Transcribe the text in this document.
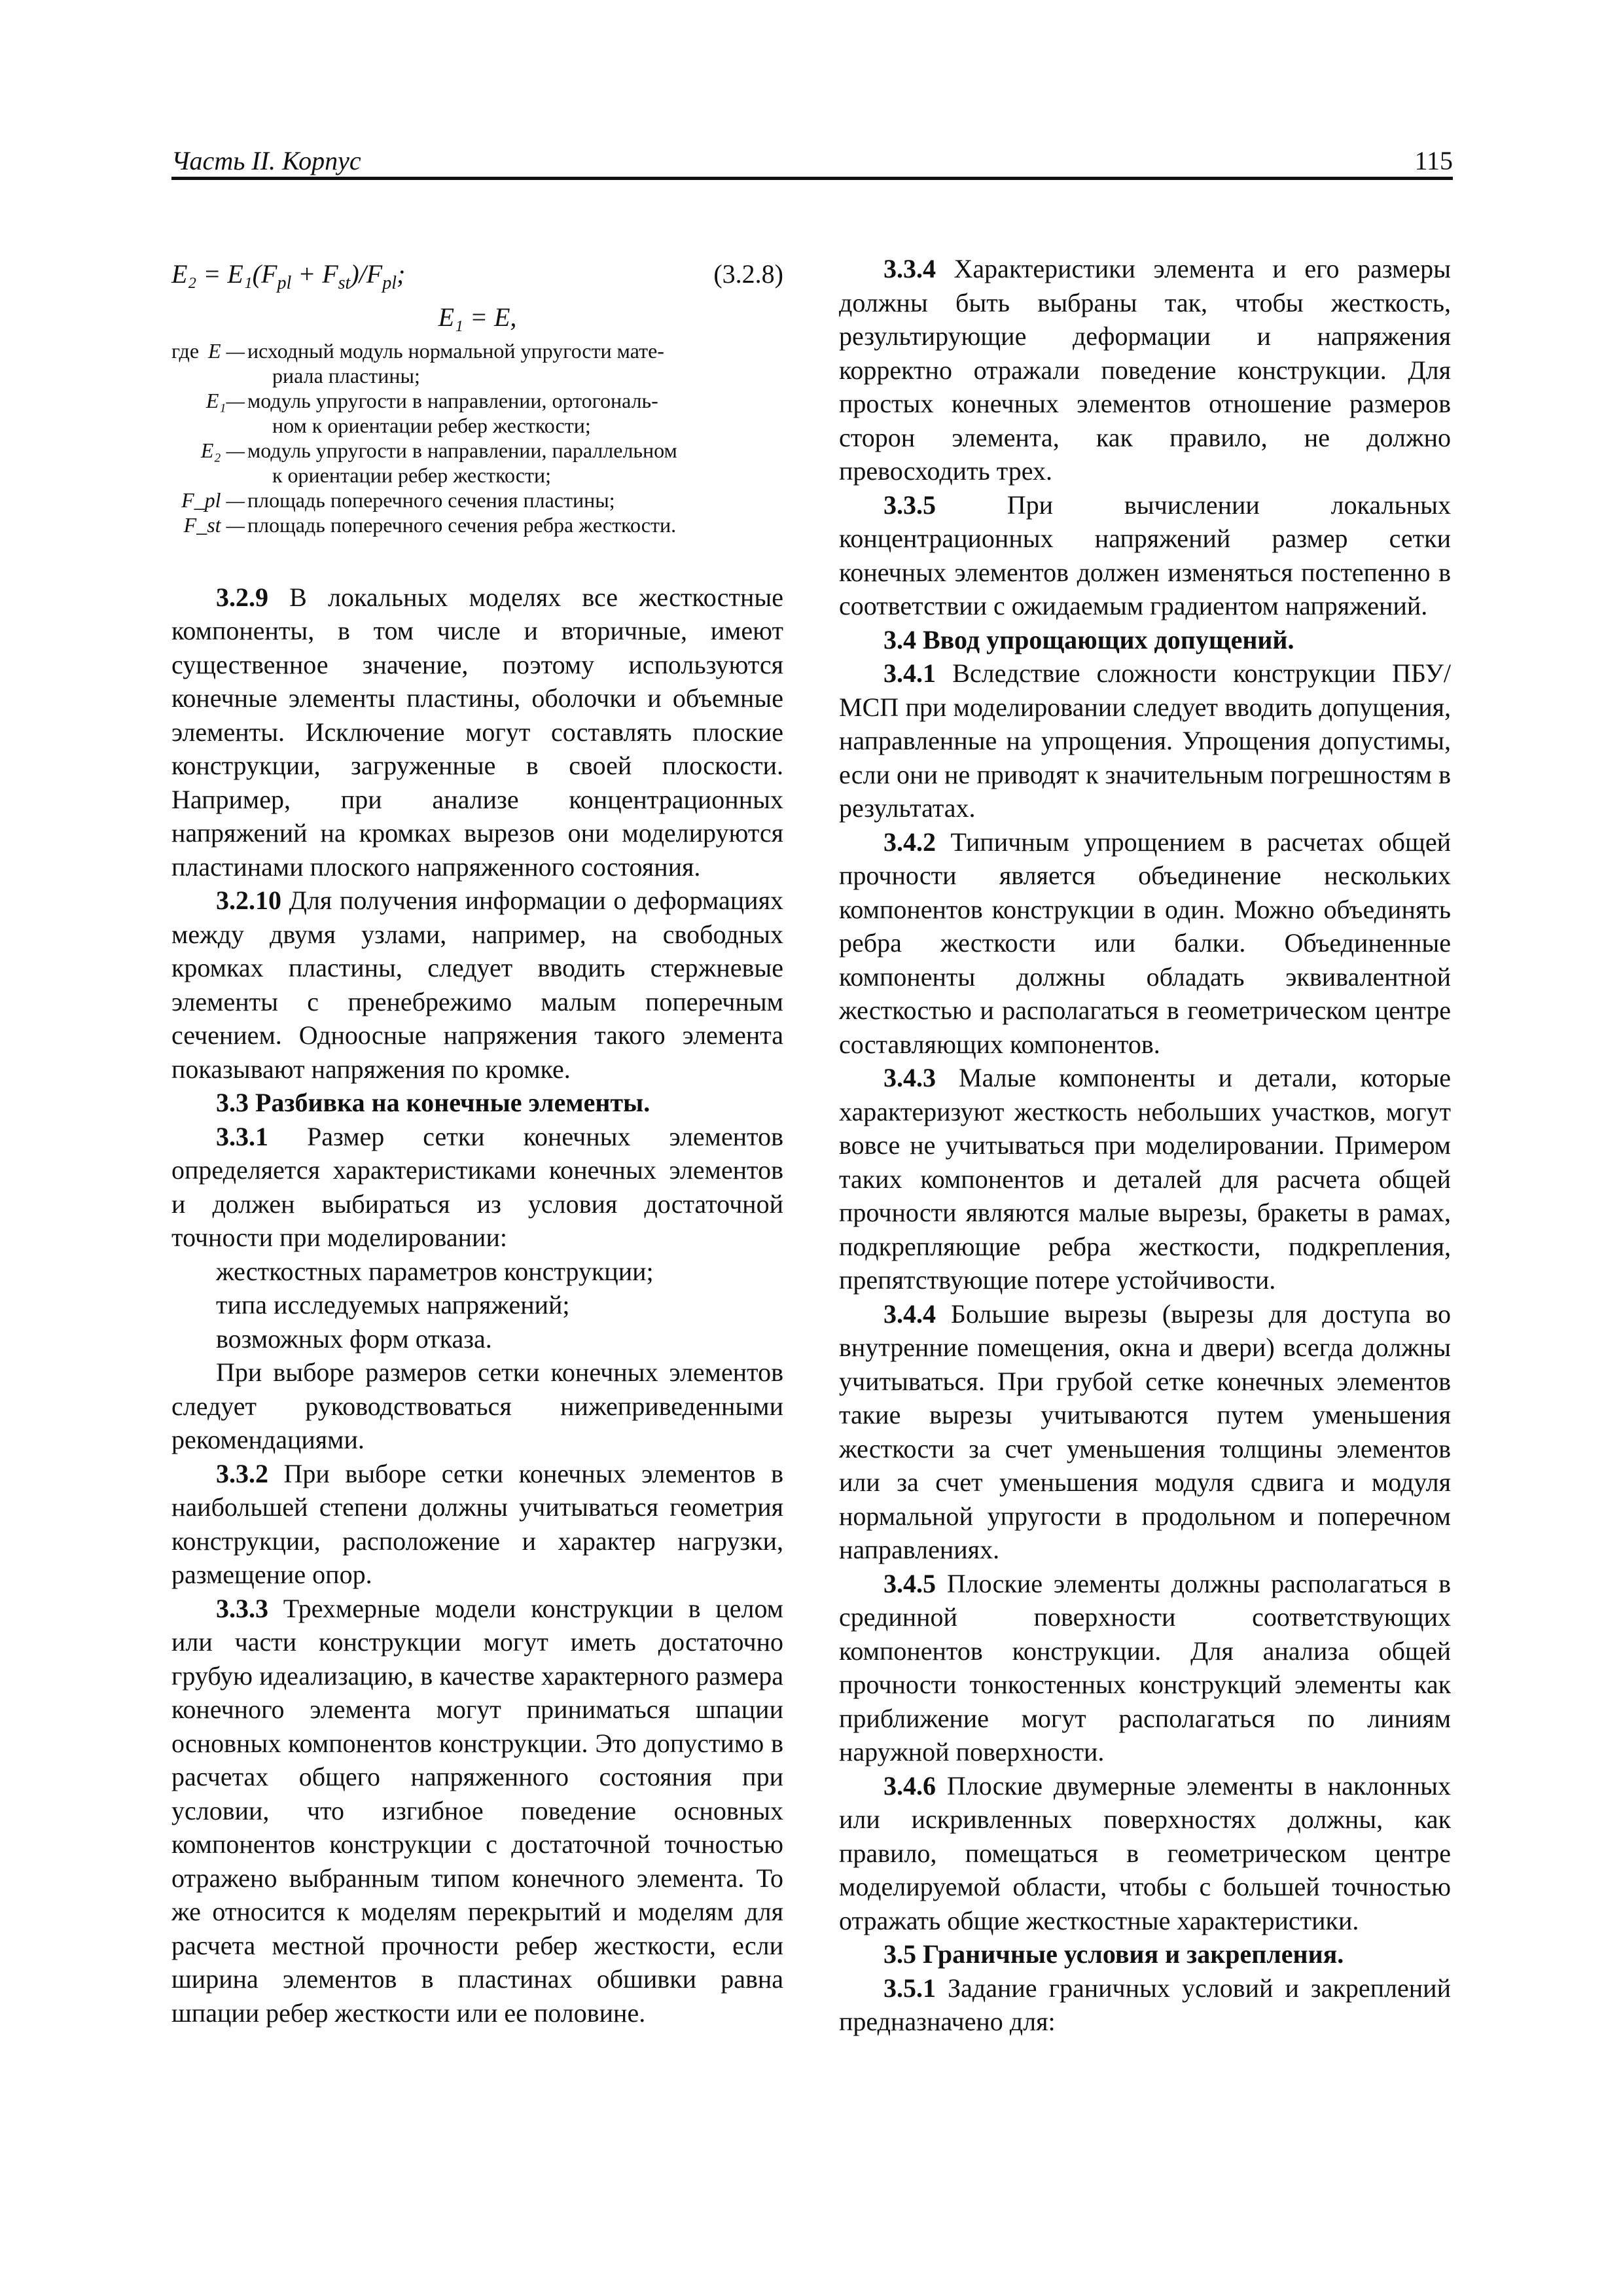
Часть II. Корпус	115
$E_2 = E_1(F_{pl} + F_{st})/F_{pl}$;	(3.2.8)
E₁ = E,
где E — исходный модуль нормальной упругости мате-
риала пластины;
E₁— модуль упругости в направлении, ортогональ-
ном к ориентации ребер жесткости;
E₂ — модуль упругости в направлении, параллельном
к ориентации ребер жесткости;
F_pl — площадь поперечного сечения пластины;
F_st — площадь поперечного сечения ребра жесткости.

3.2.9 В локальных моделях все жесткостные компоненты, в том числе и вторичные, имеют существенное значение, поэтому используются конечные элементы пластины, оболочки и объемные элементы. Исключение могут составлять плоские конструкции, загруженные в своей плоскости. Например, при анализе концентрационных напряжений на кромках вырезов они моделируются пластинами плоского напряженного состояния.

3.2.10 Для получения информации о деформациях между двумя узлами, например, на свободных кромках пластины, следует вводить стержневые элементы с пренебрежимо малым поперечным сечением. Одноосные напряжения такого элемента показывают напряжения по кромке.

3.3 Разбивка на конечные элементы.

3.3.1 Размер сетки конечных элементов определяется характеристиками конечных элементов и должен выбираться из условия достаточной точности при моделировании:

жесткостных параметров конструкции;

типа исследуемых напряжений;

возможных форм отказа.

При выборе размеров сетки конечных элементов следует руководствоваться нижеприведенными рекомендациями.

3.3.2 При выборе сетки конечных элементов в наибольшей степени должны учитываться геометрия конструкции, расположение и характер нагрузки, размещение опор.

3.3.3 Трехмерные модели конструкции в целом или части конструкции могут иметь достаточно грубую идеализацию, в качестве характерного размера конечного элемента могут приниматься шпации основных компонентов конструкции. Это допустимо в расчетах общего напряженного состояния при условии, что изгибное поведение основных компонентов конструкции с достаточной точностью отражено выбранным типом конечного элемента. То же относится к моделям перекрытий и моделям для расчета местной прочности ребер жесткости, если ширина элементов в пластинах обшивки равна шпации ребер жесткости или ее половине.

3.3.4 Характеристики элемента и его размеры должны быть выбраны так, чтобы жесткость, результирующие деформации и напряжения корректно отражали поведение конструкции. Для простых конечных элементов отношение размеров сторон элемента, как правило, не должно превосходить трех.

3.3.5 При вычислении локальных концентрационных напряжений размер сетки конечных элементов должен изменяться постепенно в соответствии с ожидаемым градиентом напряжений.

3.4 Ввод упрощающих допущений.

3.4.1 Вследствие сложности конструкции ПБУ/МСП при моделировании следует вводить допущения, направленные на упрощения. Упрощения допустимы, если они не приводят к значительным погрешностям в результатах.

3.4.2 Типичным упрощением в расчетах общей прочности является объединение нескольких компонентов конструкции в один. Можно объединять ребра жесткости или балки. Объединенные компоненты должны обладать эквивалентной жесткостью и располагаться в геометрическом центре составляющих компонентов.

3.4.3 Малые компоненты и детали, которые характеризуют жесткость небольших участков, могут вовсе не учитываться при моделировании. Примером таких компонентов и деталей для расчета общей прочности являются малые вырезы, бракеты в рамах, подкрепляющие ребра жесткости, подкрепления, препятствующие потере устойчивости.

3.4.4 Большие вырезы (вырезы для доступа во внутренние помещения, окна и двери) всегда должны учитываться. При грубой сетке конечных элементов такие вырезы учитываются путем уменьшения жесткости за счет уменьшения толщины элементов или за счет уменьшения модуля сдвига и модуля нормальной упругости в продольном и поперечном направлениях.

3.4.5 Плоские элементы должны располагаться в срединной поверхности соответствующих компонентов конструкции. Для анализа общей прочности тонкостенных конструкций элементы как приближение могут располагаться по линиям наружной поверхности.

3.4.6 Плоские двумерные элементы в наклонных или искривленных поверхностях должны, как правило, помещаться в геометрическом центре моделируемой области, чтобы с большей точностью отражать общие жесткостные характеристики.

3.5 Граничные условия и закрепления.

3.5.1 Задание граничных условий и закреплений предназначено для:
